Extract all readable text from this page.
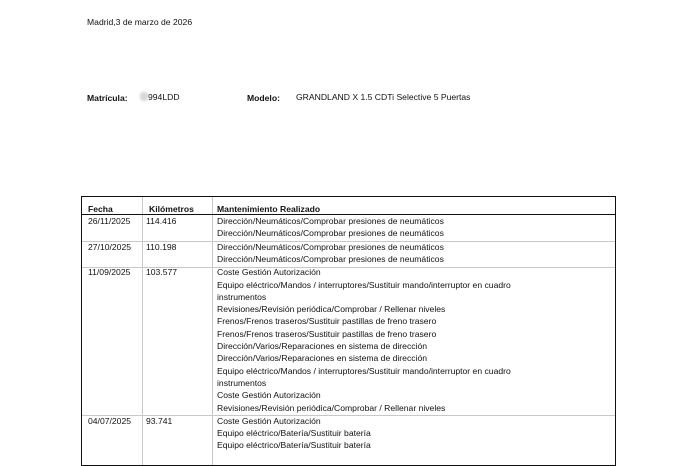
Madrid,3 de marzo de 2026
Matrícula:	994LDD	Modelo: GRANDLAND X 1.5 CDTi Selective 5 Puertas
Fecha	Kilómetros	Mantenimiento Realizado
26/11/2025 114.416	Dirección/Neumáticos/Comprobar presiones de neumáticos
Dirección/Neumáticos/Comprobar presiones de neumáticos
27/10/2025 110.198	Dirección/Neumáticos/Comprobar presiones de neumáticos
Dirección/Neumáticos/Comprobar presiones de neumáticos
11/09/2025 103.577	Coste Gestión Autorización
Equipo eléctrico/Mandos / interruptores/Sustituir mando/interruptor en cuadro
instrumentos
Revisiones/Revisión periódica/Comprobar / Rellenar niveles
Frenos/Frenos traseros/Sustituir pastillas de freno trasero
Frenos/Frenos traseros/Sustituir pastillas de freno trasero
Dirección/Varios/Reparaciones en sistema de dirección
Dirección/Varios/Reparaciones en sistema de dirección
Equipo eléctrico/Mandos / interruptores/Sustituir mando/interruptor en cuadro
instrumentos
Coste Gestión Autorización
Revisiones/Revisión periódica/Comprobar / Rellenar niveles
04/07/2025 93.741	Coste Gestión Autorización
Equipo eléctrico/Batería/Sustituir batería
Equipo eléctrico/Batería/Sustituir batería
